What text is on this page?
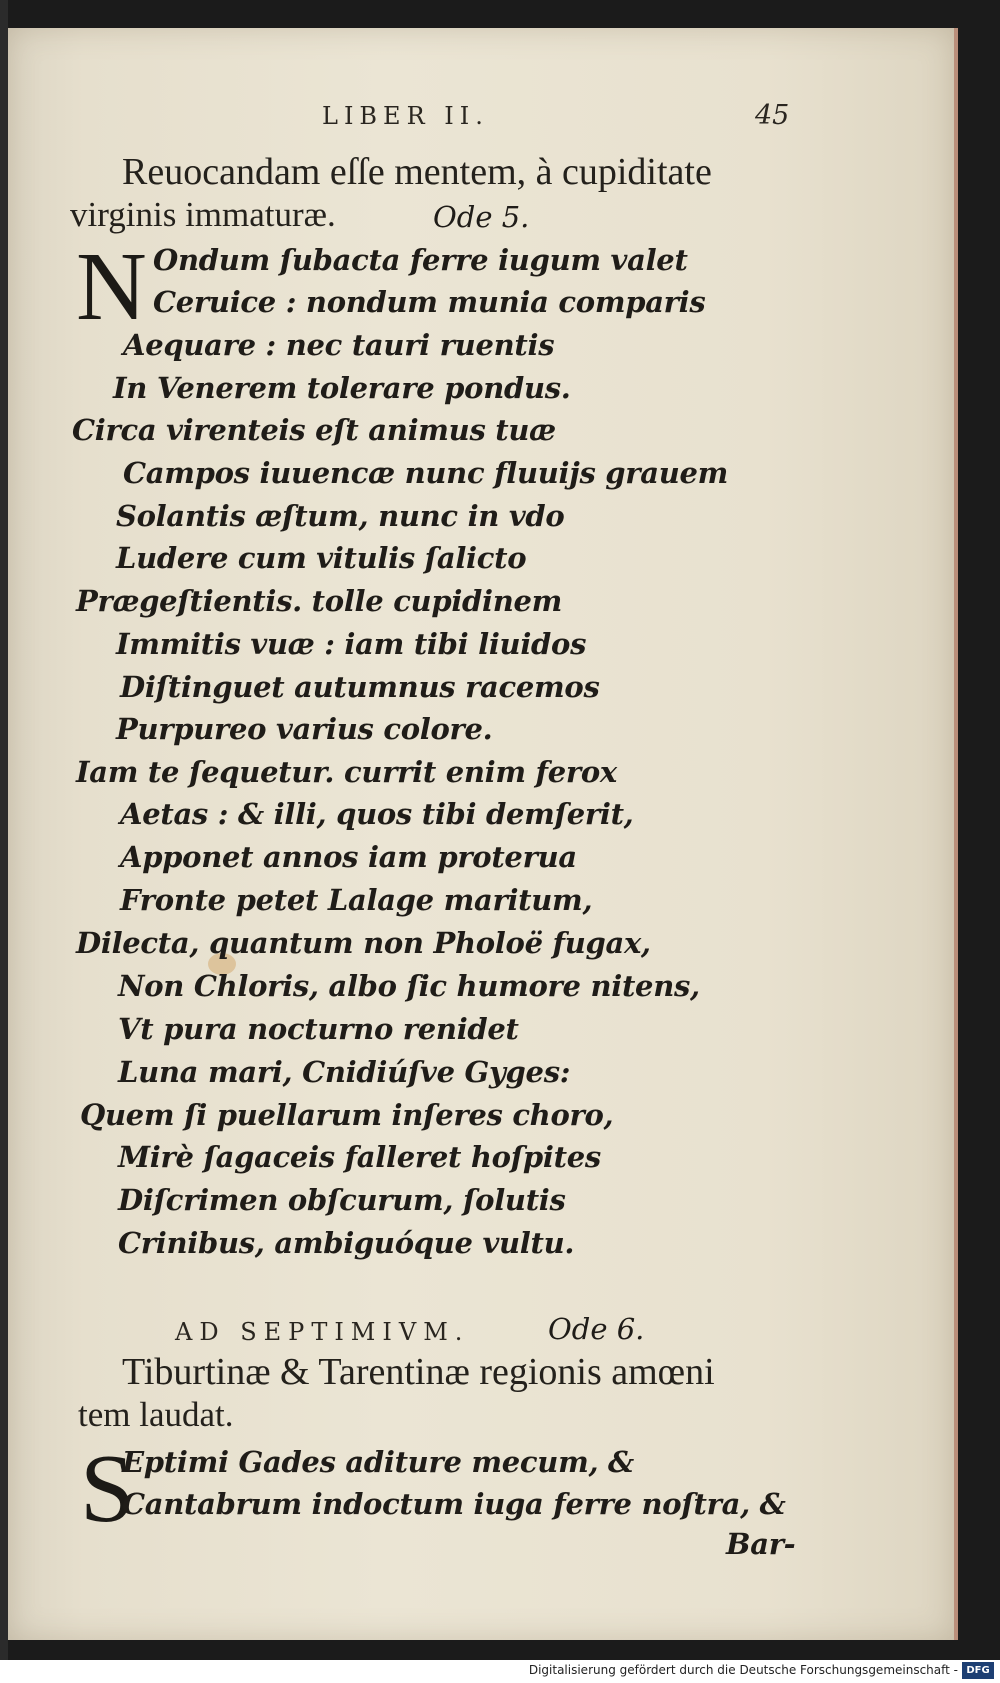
LIBER II.	45
Reuocandam eſſe mentem, à cupiditate
virginis immaturæ.	Ode 5.
N Ondum ſubacta ferre iugum valet
Ceruice : nondum munia comparis
Aequare : nec tauri ruentis
In Venerem tolerare pondus.
Circa virenteis eſt animus tuæ
Campos iuuencæ nunc fluuijs grauem
Solantis æſtum, nunc in vdo
Ludere cum vitulis ſalicto
Prægeſtientis. tolle cupidinem
Immitis vuæ : iam tibi liuidos
Diſtinguet autumnus racemos
Purpureo varius colore.
Iam te ſequetur. currit enim ferox
Aetas : & illi, quos tibi demſerit,
Apponet annos iam proterua
Fronte petet Lalage maritum,
Dilecta, quantum non Pholoë fugax,
Non Chloris, albo ſic humore nitens,
Vt pura nocturno renidet
Luna mari, Cnidiúſve Gyges:
Quem ſi puellarum inſeres choro,
Mirè ſagaceis falleret hoſpites
Diſcrimen obſcurum, ſolutis
Crinibus, ambiguóque vultu.
AD SEPTIMIVM.	Ode 6.
Tiburtinæ & Tarentinæ regionis amœni
tem laudat.
S
Eptimi Gades aditure mecum, &
Cantabrum indoctum iuga ferre noſtra, &
Bar-
Digitalisierung gefördert durch die Deutsche Forschungsgemeinschaft - DFG
